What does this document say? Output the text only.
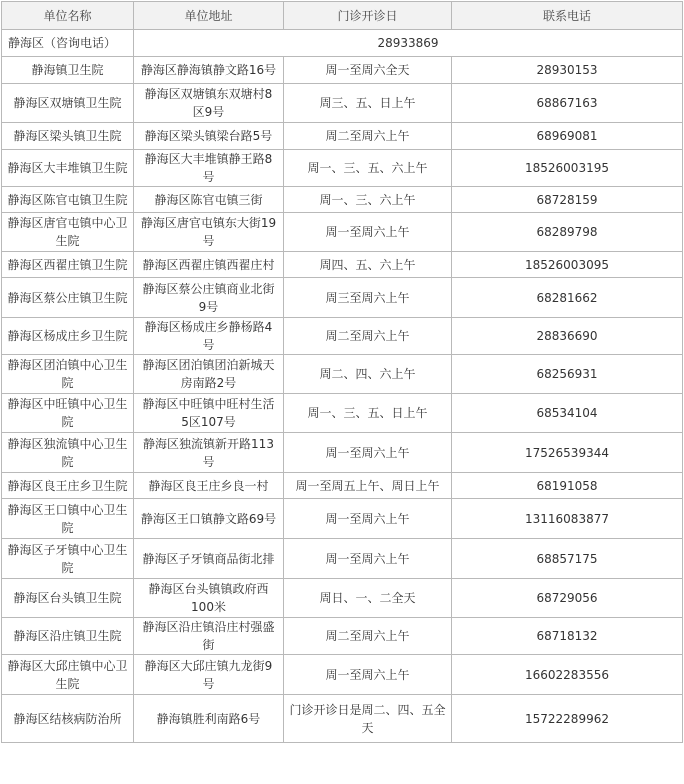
单位名称	单位地址	门诊开诊日	联系电话
静海区（咨询电话）	28933869		
静海镇卫生院	静海区静海镇静文路16号	周一至周六全天	28930153
静海区双塘镇卫生院	静海区双塘镇东双塘村8区9号	周三、五、日上午	68867163
静海区梁头镇卫生院	静海区梁头镇梁台路5号	周二至周六上午	68969081
静海区大丰堆镇卫生院	静海区大丰堆镇静王路8号	周一、三、五、六上午	18526003195
静海区陈官屯镇卫生院	静海区陈官屯镇三街	周一、三、六上午	68728159
静海区唐官屯镇中心卫生院	静海区唐官屯镇东大街19号	周一至周六上午	68289798
静海区西翟庄镇卫生院	静海区西翟庄镇西翟庄村	周四、五、六上午	18526003095
静海区蔡公庄镇卫生院	静海区蔡公庄镇商业北街9号	周三至周六上午	68281662
静海区杨成庄乡卫生院	静海区杨成庄乡静杨路4号	周二至周六上午	28836690
静海区团泊镇中心卫生院	静海区团泊镇团泊新城天房南路2号	周二、四、六上午	68256931
静海区中旺镇中心卫生院	静海区中旺镇中旺村生活5区107号	周一、三、五、日上午	68534104
静海区独流镇中心卫生院	静海区独流镇新开路113号	周一至周六上午	17526539344
静海区良王庄乡卫生院	静海区良王庄乡良一村	周一至周五上午、周日上午	68191058
静海区王口镇中心卫生院	静海区王口镇静文路69号	周一至周六上午	13116083877
静海区子牙镇中心卫生院	静海区子牙镇商品街北排	周一至周六上午	68857175
静海区台头镇卫生院	静海区台头镇镇政府西100米	周日、一、二全天	68729056
静海区沿庄镇卫生院	静海区沿庄镇沿庄村强盛街	周二至周六上午	68718132
静海区大邱庄镇中心卫生院	静海区大邱庄镇九龙街9号	周一至周六上午	16602283556
静海区结核病防治所	静海镇胜利南路6号	门诊开诊日是周二、四、五全天	15722289962
